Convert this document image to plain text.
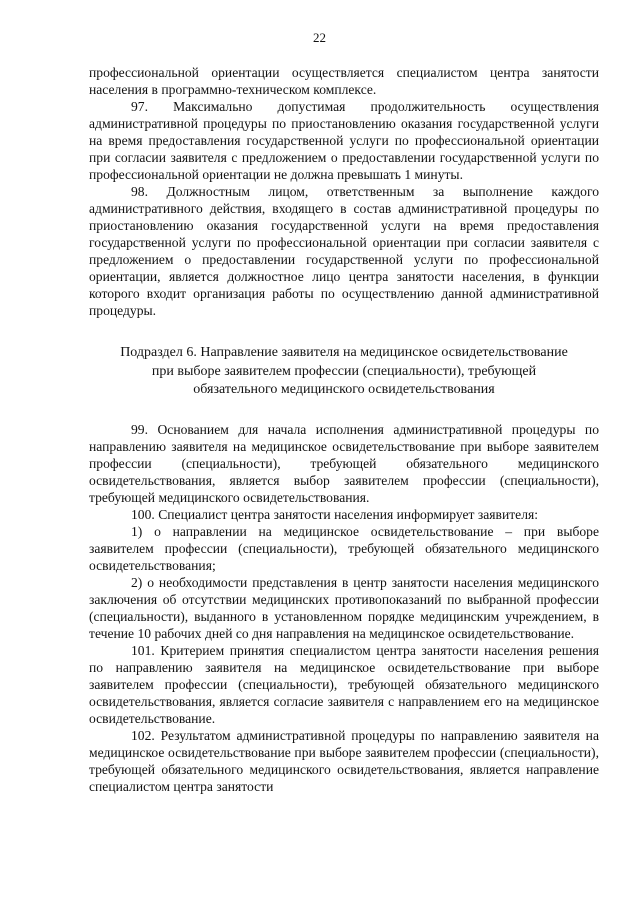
22

профессиональной ориентации осуществляется специалистом центра занятости населения в программно-техническом комплексе.

97. Максимально допустимая продолжительность осуществления административной процедуры по приостановлению оказания государственной услуги на время предоставления государственной услуги по профессиональной ориентации при согласии заявителя с предложением о предоставлении государственной услуги по профессиональной ориентации не должна превышать 1 минуты.

98. Должностным лицом, ответственным за выполнение каждого административного действия, входящего в состав административной процедуры по приостановлению оказания государственной услуги на время предоставления государственной услуги по профессиональной ориентации при согласии заявителя с предложением о предоставлении государственной услуги по профессиональной ориентации, является должностное лицо центра занятости населения, в функции которого входит организация работы по осуществлению данной административной процедуры.

Подраздел 6. Направление заявителя на медицинское освидетельствование
при выборе заявителем профессии (специальности), требующей
обязательного медицинского освидетельствования

99. Основанием для начала исполнения административной процедуры по направлению заявителя на медицинское освидетельствование при выборе заявителем профессии (специальности), требующей обязательного медицинского освидетельствования, является выбор заявителем профессии (специальности), требующей медицинского освидетельствования.

100. Специалист центра занятости населения информирует заявителя:

1) о направлении на медицинское освидетельствование – при выборе заявителем профессии (специальности), требующей обязательного медицинского освидетельствования;

2) о необходимости представления в центр занятости населения медицинского заключения об отсутствии медицинских противопоказаний по выбранной профессии (специальности), выданного в установленном порядке медицинским учреждением, в течение 10 рабочих дней со дня направления на медицинское освидетельствование.

101. Критерием принятия специалистом центра занятости населения решения по направлению заявителя на медицинское освидетельствование при выборе заявителем профессии (специальности), требующей обязательного медицинского освидетельствования, является согласие заявителя с направлением его на медицинское освидетельствование.

102. Результатом административной процедуры по направлению заявителя на медицинское освидетельствование при выборе заявителем профессии (специальности), требующей обязательного медицинского освидетельствования, является направление специалистом центра занятости
